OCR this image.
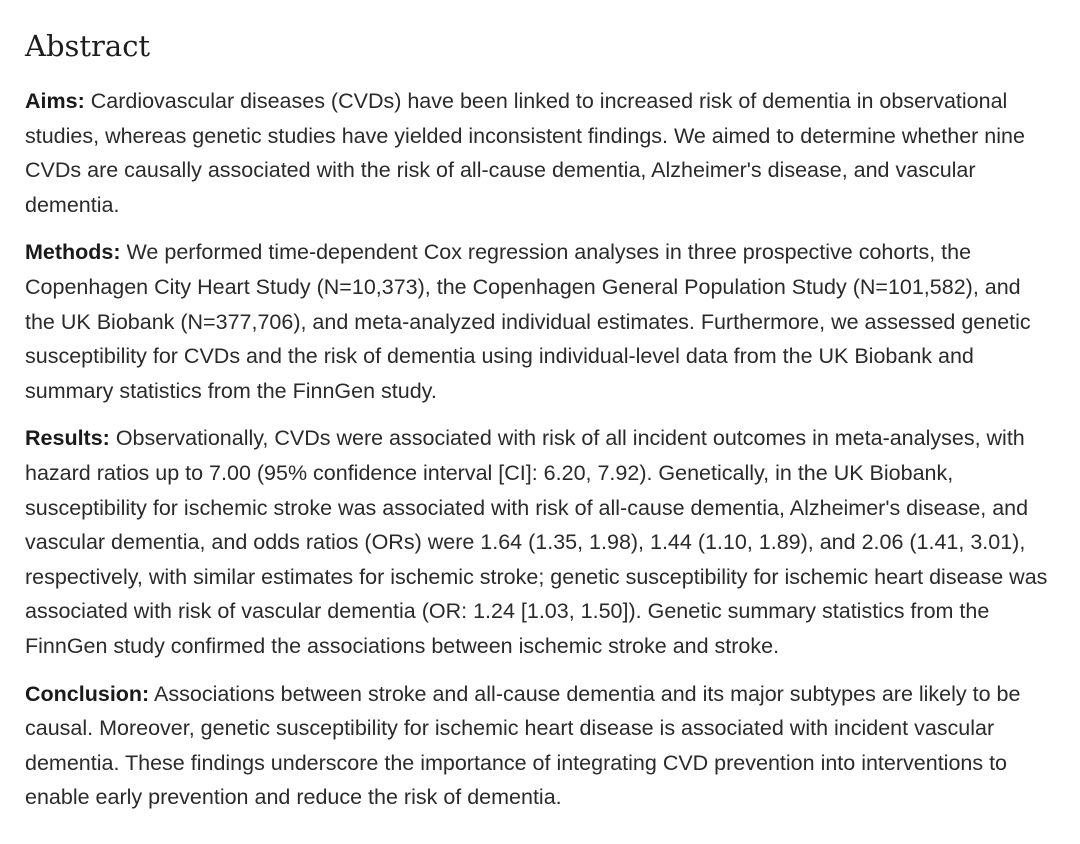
Abstract

Aims: Cardiovascular diseases (CVDs) have been linked to increased risk of dementia in observational studies, whereas genetic studies have yielded inconsistent findings. We aimed to determine whether nine CVDs are causally associated with the risk of all-cause dementia, Alzheimer's disease, and vascular dementia.

Methods: We performed time-dependent Cox regression analyses in three prospective cohorts, the Copenhagen City Heart Study (N=10,373), the Copenhagen General Population Study (N=101,582), and the UK Biobank (N=377,706), and meta-analyzed individual estimates. Furthermore, we assessed genetic susceptibility for CVDs and the risk of dementia using individual-level data from the UK Biobank and summary statistics from the FinnGen study.

Results: Observationally, CVDs were associated with risk of all incident outcomes in meta-analyses, with hazard ratios up to 7.00 (95% confidence interval [CI]: 6.20, 7.92). Genetically, in the UK Biobank, susceptibility for ischemic stroke was associated with risk of all-cause dementia, Alzheimer's disease, and vascular dementia, and odds ratios (ORs) were 1.64 (1.35, 1.98), 1.44 (1.10, 1.89), and 2.06 (1.41, 3.01), respectively, with similar estimates for ischemic stroke; genetic susceptibility for ischemic heart disease was associated with risk of vascular dementia (OR: 1.24 [1.03, 1.50]). Genetic summary statistics from the FinnGen study confirmed the associations between ischemic stroke and stroke.

Conclusion: Associations between stroke and all-cause dementia and its major subtypes are likely to be causal. Moreover, genetic susceptibility for ischemic heart disease is associated with incident vascular dementia. These findings underscore the importance of integrating CVD prevention into interventions to enable early prevention and reduce the risk of dementia.
